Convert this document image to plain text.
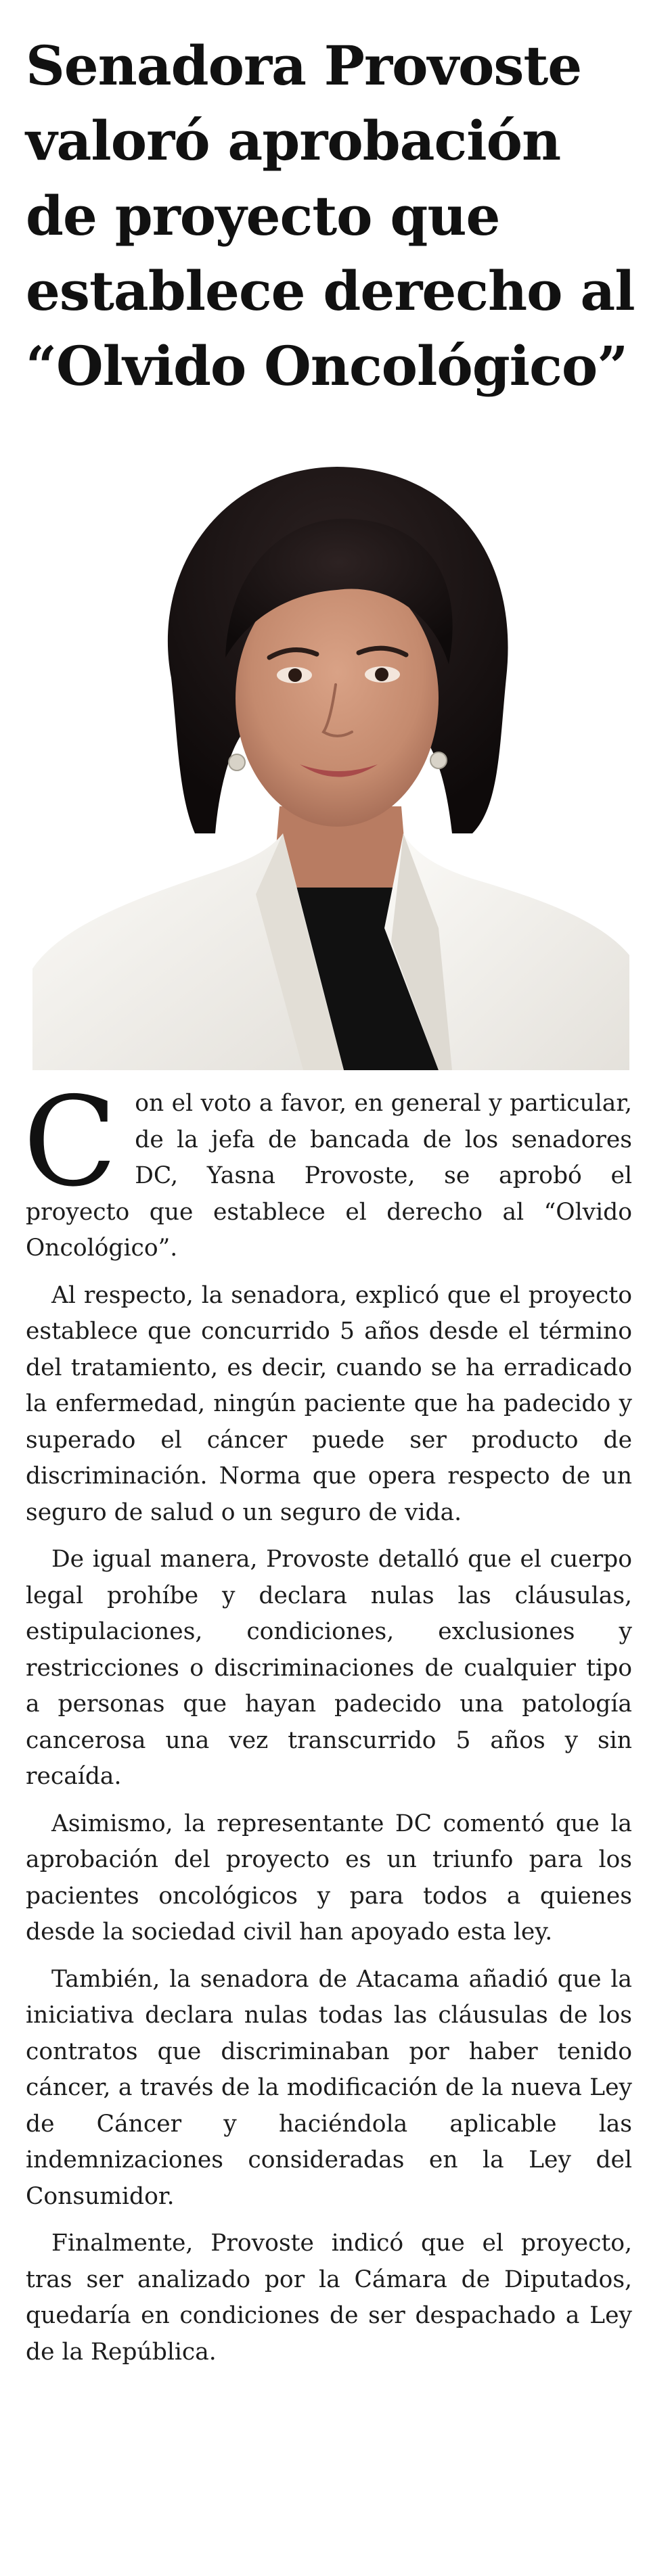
Senadora Provoste valoró aprobación de proyecto que establece derecho al “Olvido Oncológico”

Con el voto a favor, en general y particular, de la jefa de bancada de los senadores DC, Yasna Provoste, se aprobó el proyecto que establece el derecho al “Olvido Oncológico”.

Al respecto, la senadora, explicó que el proyecto establece que concurrido 5 años desde el término del tratamiento, es decir, cuando se ha erradicado la enfermedad, ningún paciente que ha padecido y superado el cáncer puede ser producto de discriminación. Norma que opera respecto de un seguro de salud o un seguro de vida.

De igual manera, Provoste detalló que el cuerpo legal prohíbe y declara nulas las cláusulas, estipulaciones, condiciones, exclusiones y restricciones o discriminaciones de cualquier tipo a personas que hayan padecido una patología cancerosa una vez transcurrido 5 años y sin recaída.

Asimismo, la representante DC comentó que la aprobación del proyecto es un triunfo para los pacientes oncológicos y para todos a quienes desde la sociedad civil han apoyado esta ley.

También, la senadora de Atacama añadió que la iniciativa declara nulas todas las cláusulas de los contratos que discriminaban por haber tenido cáncer, a través de la modificación de la nueva Ley de Cáncer y haciéndola aplicable las indemnizaciones consideradas en la Ley del Consumidor.

Finalmente, Provoste indicó que el proyecto, tras ser analizado por la Cámara de Diputados, quedaría en condiciones de ser despachado a Ley de la República.
